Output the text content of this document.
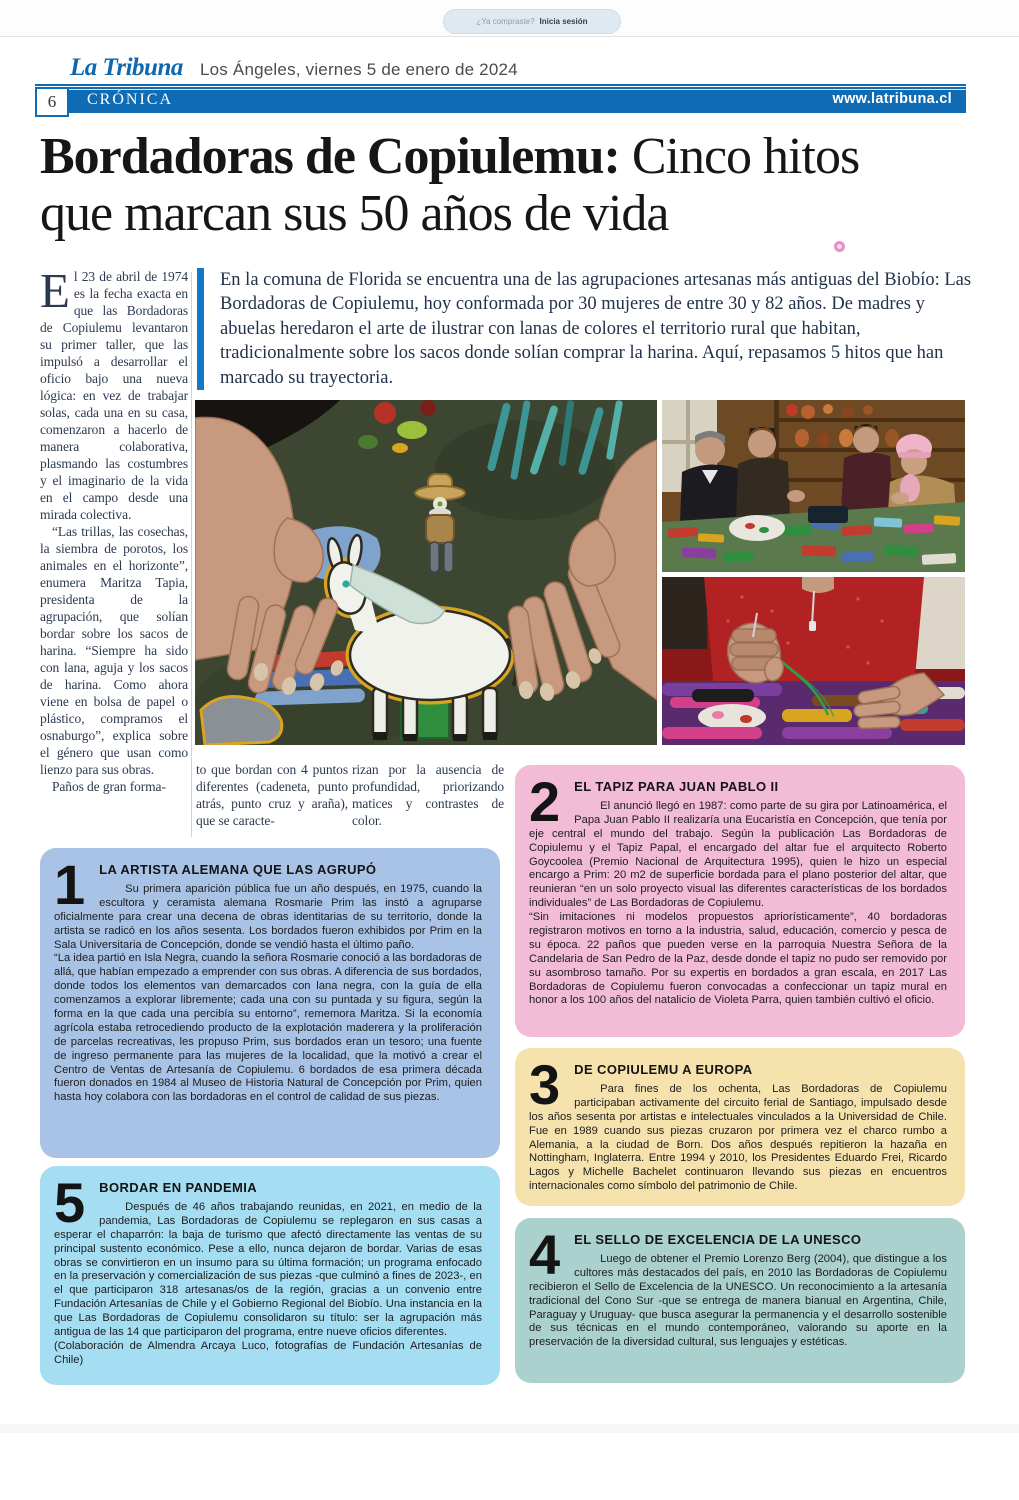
¿Ya compraste? Inicia sesión
La Tribuna Los Ángeles, viernes 5 de enero de 2024
6	CRÓNICA	www.latribuna.cl
Bordadoras de Copiulemu: Cinco hitos
que marcan sus 50 años de vida

El 23 de abril de 1974 es la fecha exacta en que las Bordadoras de Copiulemu levantaron su primer taller, que las impulsó a desarrollar el oficio bajo una nueva lógica: en vez de trabajar solas, cada una en su casa, comenzaron a hacerlo de manera colaborativa, plasmando las costumbres y el imaginario de la vida en el campo desde una mirada colectiva.

“Las trillas, las cosechas, la siembra de porotos, los animales en el horizonte”, enumera Maritza Tapia, presidenta de la agrupación, que solían bordar sobre los sacos de harina. “Siempre ha sido con lana, aguja y los sacos de harina. Como ahora viene en bolsa de papel o plástico, compramos el osnaburgo”, explica sobre el género que usan como lienzo para sus obras.

Paños de gran forma-

En la comuna de Florida se encuentra una de las agrupaciones artesanas más antiguas del Biobío: Las Bordadoras de Copiulemu, hoy conformada por 30 mujeres de entre 30 y 82 años. De madres y abuelas heredaron el arte de ilustrar con lanas de colores el territorio rural que habitan, tradicionalmente sobre los sacos donde solían comprar la harina. Aquí, repasamos 5 hitos que han marcado su trayectoria.
to que bordan con 4 puntos diferentes (cadeneta, punto atrás, punto cruz y araña), que se caracte-
rizan por la ausencia de profundidad, priorizando matices y contrastes de color.
1	LA ARTISTA ALEMANA QUE LAS AGRUPÓ

Su primera aparición pública fue un año después, en 1975, cuando la escultora y ceramista alemana Rosmarie Prim las instó a agruparse oficialmente para crear una decena de obras identitarias de su territorio, donde la artista se radicó en los años sesenta. Los bordados fueron exhibidos por Prim en la Sala Universitaria de Concepción, donde se vendió hasta el último paño.

“La idea partió en Isla Negra, cuando la señora Rosmarie conoció a las bordadoras de allá, que habían empezado a emprender con sus obras. A diferencia de sus bordados, donde todos los elementos van demarcados con lana negra, con la guía de ella comenzamos a explorar libremente; cada una con su puntada y su figura, según la forma en la que cada una percibía su entorno”, rememora Maritza. Si la economía agrícola estaba retrocediendo producto de la explotación maderera y la proliferación de parcelas recreativas, les propuso Prim, sus bordados eran un tesoro; una fuente de ingreso permanente para las mujeres de la localidad, que la motivó a crear el Centro de Ventas de Artesanía de Copiulemu. 6 bordados de esa primera década fueron donados en 1984 al Museo de Historia Natural de Concepción por Prim, quien hasta hoy colabora con las bordadoras en el control de calidad de sus piezas.

5	BORDAR EN PANDEMIA

Después de 46 años trabajando reunidas, en 2021, en medio de la pandemia, Las Bordadoras de Copiulemu se replegaron en sus casas a esperar el chaparrón: la baja de turismo que afectó directamente las ventas de su principal sustento económico. Pese a ello, nunca dejaron de bordar. Varias de esas obras se convirtieron en un insumo para su última formación; un programa enfocado en la preservación y comercialización de sus piezas -que culminó a fines de 2023-, en el que participaron 318 artesanas/os de la región, gracias a un convenio entre Fundación Artesanías de Chile y el Gobierno Regional del Biobío. Una instancia en la que Las Bordadoras de Copiulemu consolidaron su título: ser la agrupación más antigua de las 14 que participaron del programa, entre nueve oficios diferentes.

(Colaboración de Almendra Arcaya Luco, fotografías de Fundación Artesanías de Chile)

2	EL TAPIZ PARA JUAN PABLO II

El anunció llegó en 1987: como parte de su gira por Latinoamérica, el Papa Juan Pablo II realizaría una Eucaristía en Concepción, que tenía por eje central el mundo del trabajo. Según la publicación Las Bordadoras de Copiulemu y el Tapiz Papal, el encargado del altar fue el arquitecto Roberto Goycoolea (Premio Nacional de Arquitectura 1995), quien le hizo un especial encargo a Prim: 20 m2 de superficie bordada para el plano posterior del altar, que reunieran “en un solo proyecto visual las diferentes características de los bordados individuales” de Las Bordadoras de Copiulemu.

“Sin imitaciones ni modelos propuestos apriorísticamente”, 40 bordadoras registraron motivos en torno a la industria, salud, educación, comercio y pesca de su época. 22 paños que pueden verse en la parroquia Nuestra Señora de la Candelaria de San Pedro de la Paz, desde donde el tapiz no pudo ser removido por su asombroso tamaño. Por su expertis en bordados a gran escala, en 2017 Las Bordadoras de Copiulemu fueron convocadas a confeccionar un tapiz mural en honor a los 100 años del natalicio de Violeta Parra, quien también cultivó el oficio.

3	DE COPIULEMU A EUROPA

Para fines de los ochenta, Las Bordadoras de Copiulemu participaban activamente del circuito ferial de Santiago, impulsado desde los años sesenta por artistas e intelectuales vinculados a la Universidad de Chile. Fue en 1989 cuando sus piezas cruzaron por primera vez el charco rumbo a Alemania, a la ciudad de Born. Dos años después repitieron la hazaña en Nottingham, Inglaterra. Entre 1994 y 2010, los Presidentes Eduardo Frei, Ricardo Lagos y Michelle Bachelet continuaron llevando sus piezas en encuentros internacionales como símbolo del patrimonio de Chile.

4	EL SELLO DE EXCELENCIA DE LA UNESCO

Luego de obtener el Premio Lorenzo Berg (2004), que distingue a los cultores más destacados del país, en 2010 las Bordadoras de Copiulemu recibieron el Sello de Excelencia de la UNESCO. Un reconocimiento a la artesanía tradicional del Cono Sur -que se entrega de manera bianual en Argentina, Chile, Paraguay y Uruguay- que busca asegurar la permanencia y el desarrollo sostenible de sus técnicas en el mundo contemporáneo, valorando su aporte en la preservación de la diversidad cultural, sus lenguajes y estéticas.
